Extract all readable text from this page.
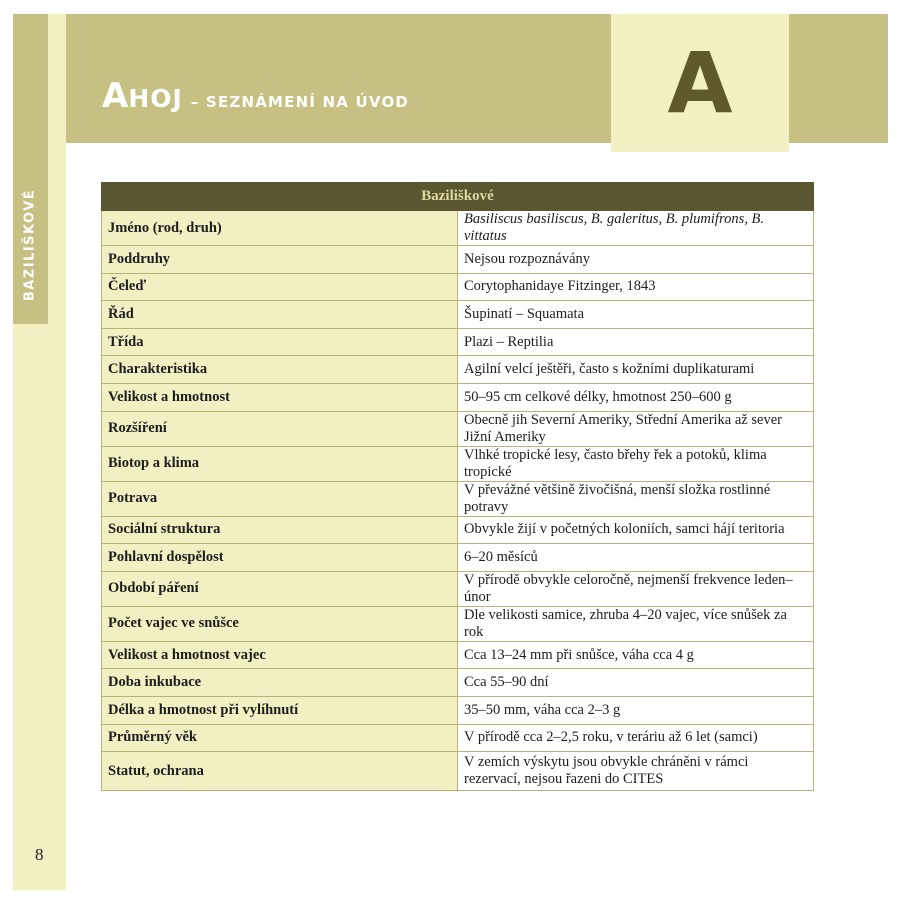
BAZILIŠKOVÉ
A
AHOJ – SEZNÁMENÍ NA ÚVOD
Baziliškové	
Jméno (rod, druh)	Basiliscus basiliscus, B. galeritus, B. plumifrons, B. vittatus
Poddruhy	Nejsou rozpoznávány
Čeleď	Corytophanidaye Fitzinger, 1843
Řád	Šupinatí – Squamata
Třída	Plazi – Reptilia
Charakteristika	Agilní velcí ještěři, často s kožními duplikaturami
Velikost a hmotnost	50–95 cm celkové délky, hmotnost 250–600 g
Rozšíření	Obecně jih Severní Ameriky, Střední Amerika až sever Jižní Ameriky
Biotop a klima	Vlhké tropické lesy, často břehy řek a potoků, klima tropické
Potrava	V převážné většině živočišná, menší složka rostlinné potravy
Sociální struktura	Obvykle žijí v početných koloniích, samci hájí teritoria
Pohlavní dospělost	6–20 měsíců
Období páření	V přírodě obvykle celoročně, nejmenší frekvence leden–únor
Počet vajec ve snůšce	Dle velikosti samice, zhruba 4–20 vajec, více snůšek za rok
Velikost a hmotnost vajec	Cca 13–24 mm při snůšce, váha cca 4 g
Doba inkubace	Cca 55–90 dní
Délka a hmotnost při vylíhnutí	35–50 mm, váha cca 2–3 g
Průměrný věk	V přírodě cca 2–2,5 roku, v teráriu až 6 let (samci)
Statut, ochrana	V zemích výskytu jsou obvykle chráněni v rámci rezervací, nejsou řazeni do CITES
8
